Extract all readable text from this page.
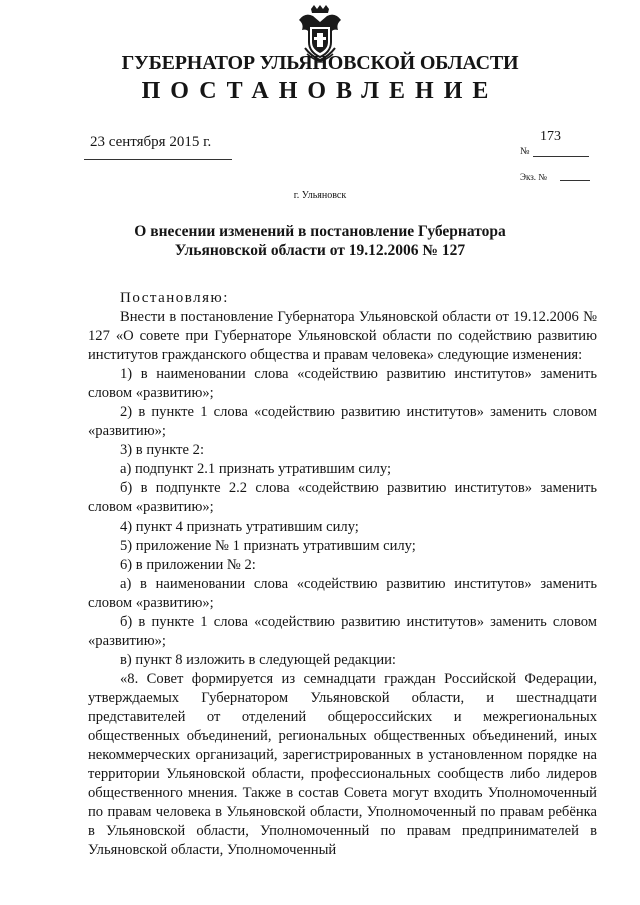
ГУБЕРНАТОР УЛЬЯНОВСКОЙ ОБЛАСТИ
ПОСТАНОВЛЕНИЕ
23 сентября 2015 г.	173
№
Экз. №
г. Ульяновск
О внесении изменений в постановление Губернатора
Ульяновской области от 19.12.2006 № 127
Постановляю:

Внести в постановление Губернатора Ульяновской области от 19.12.2006 № 127 «О совете при Губернаторе Ульяновской области по содействию развитию институтов гражданского общества и правам человека» следующие изменения:

1) в наименовании слова «содействию развитию институтов» заменить словом «развитию»;

2) в пункте 1 слова «содействию развитию институтов» заменить словом «развитию»;

3) в пункте 2:

а) подпункт 2.1 признать утратившим силу;

б) в подпункте 2.2 слова «содействию развитию институтов» заменить словом «развитию»;

4) пункт 4 признать утратившим силу;

5) приложение № 1 признать утратившим силу;

6) в приложении № 2:

а) в наименовании слова «содействию развитию институтов» заменить словом «развитию»;

б) в пункте 1 слова «содействию развитию институтов» заменить словом «развитию»;

в) пункт 8 изложить в следующей редакции:

«8. Совет формируется из семнадцати граждан Российской Федерации, утверждаемых Губернатором Ульяновской области, и шестнадцати представителей от отделений общероссийских и межрегиональных общественных объединений, региональных общественных объединений, иных некоммерческих организаций, зарегистрированных в установленном порядке на территории Ульяновской области, профессиональных сообществ либо лидеров общественного мнения. Также в состав Совета могут входить Уполномоченный по правам человека в Ульяновской области, Уполномоченный по правам ребёнка в Ульяновской области, Уполномоченный по правам предпринимателей в Ульяновской области, Уполномоченный
